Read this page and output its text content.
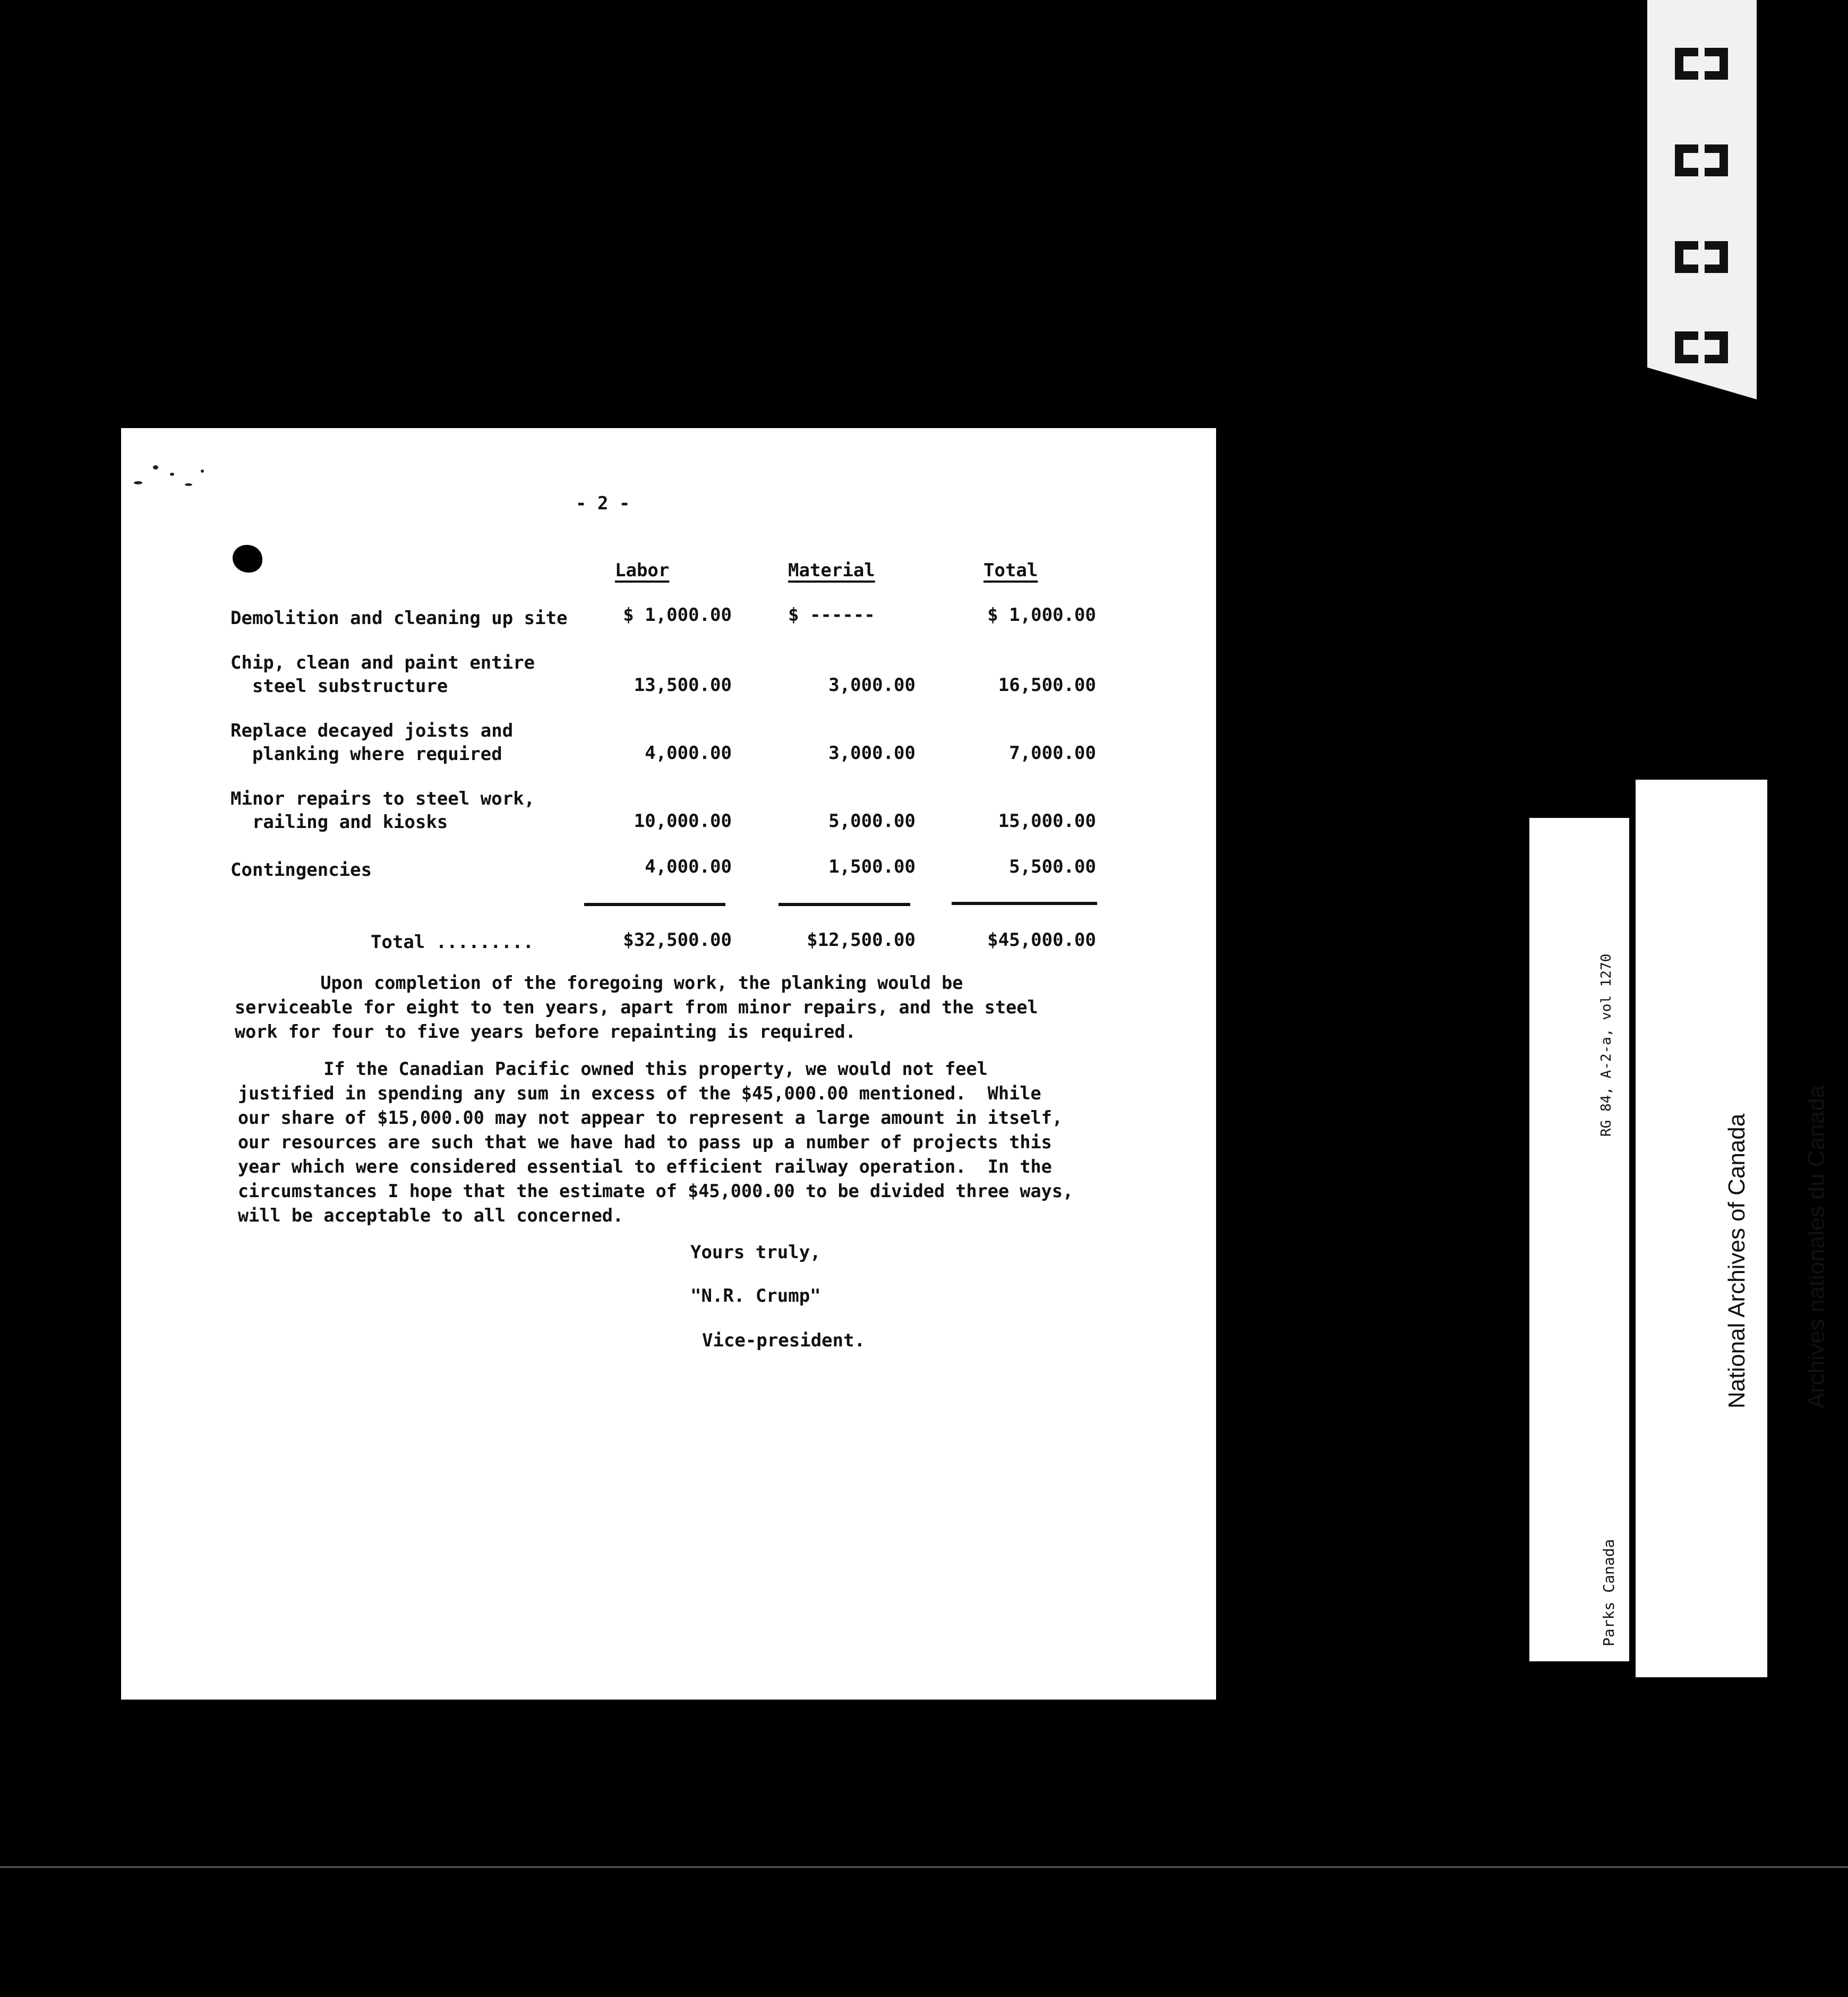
- 2 -
Labor	Material	Total
Demolition and cleaning up site	$ 1,000.00	$ ------	$ 1,000.00
Chip, clean and paint entire
steel substructure	13,500.00	3,000.00	16,500.00
Replace decayed joists and
planking where required	4,000.00	3,000.00	7,000.00
Minor repairs to steel work,
railing and kiosks	10,000.00	5,000.00	15,000.00
Contingencies	4,000.00	1,500.00	5,500.00
Total .........	$32,500.00	$12,500.00	$45,000.00
Upon completion of the foregoing work, the planking would be
serviceable for eight to ten years, apart from minor repairs, and the steel
work for four to five years before repainting is required.
If the Canadian Pacific owned this property, we would not feel
justified in spending any sum in excess of the $45,000.00 mentioned.  While
our share of $15,000.00 may not appear to represent a large amount in itself,
our resources are such that we have had to pass up a number of projects this
year which were considered essential to efficient railway operation.  In the
circumstances I hope that the estimate of $45,000.00 to be divided three ways,
will be acceptable to all concerned.
Yours truly,
"N.R. Crump"
Vice-president.

RG 84, A-2-a, vol 1270

Parks Canada

National Archives of Canada

Archives nationales du Canada
